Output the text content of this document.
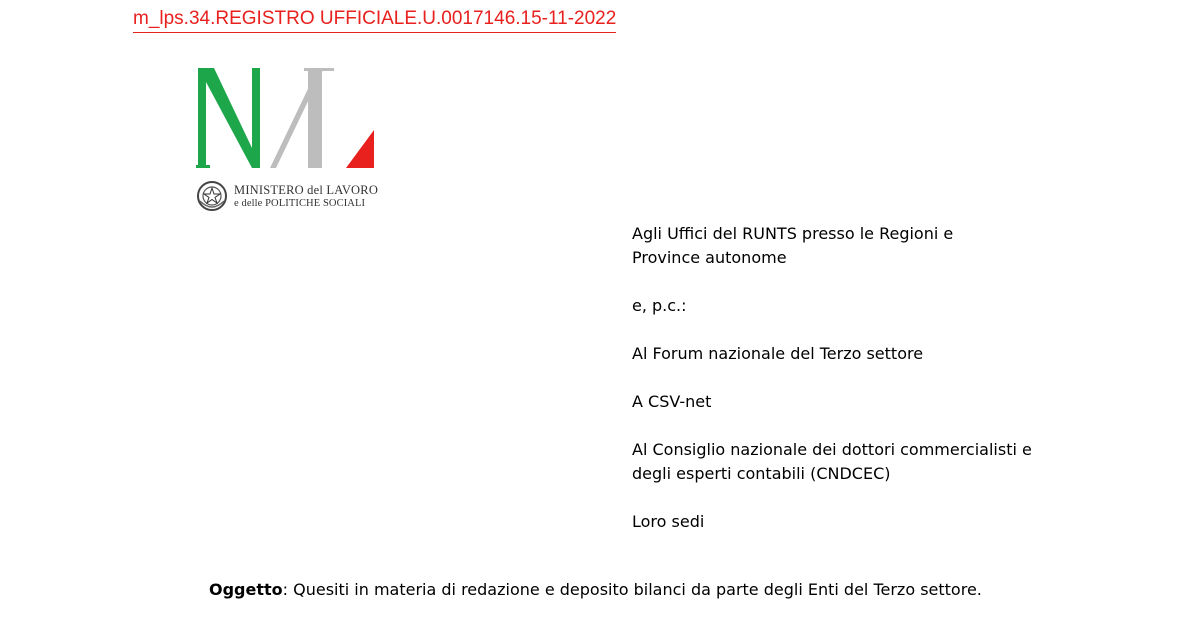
m_lps.34.REGISTRO UFFICIALE.U.0017146.15-11-2022
MINISTERO del LAVORO
e delle POLITICHE SOCIALI
Agli Uffici del RUNTS presso le Regioni e
Province autonome
e, p.c.:
Al Forum nazionale del Terzo settore
A CSV-net
Al Consiglio nazionale dei dottori commercialisti e
degli esperti contabili (CNDCEC)
Loro sedi
Oggetto: Quesiti in materia di redazione e deposito bilanci da parte degli Enti del Terzo settore.
